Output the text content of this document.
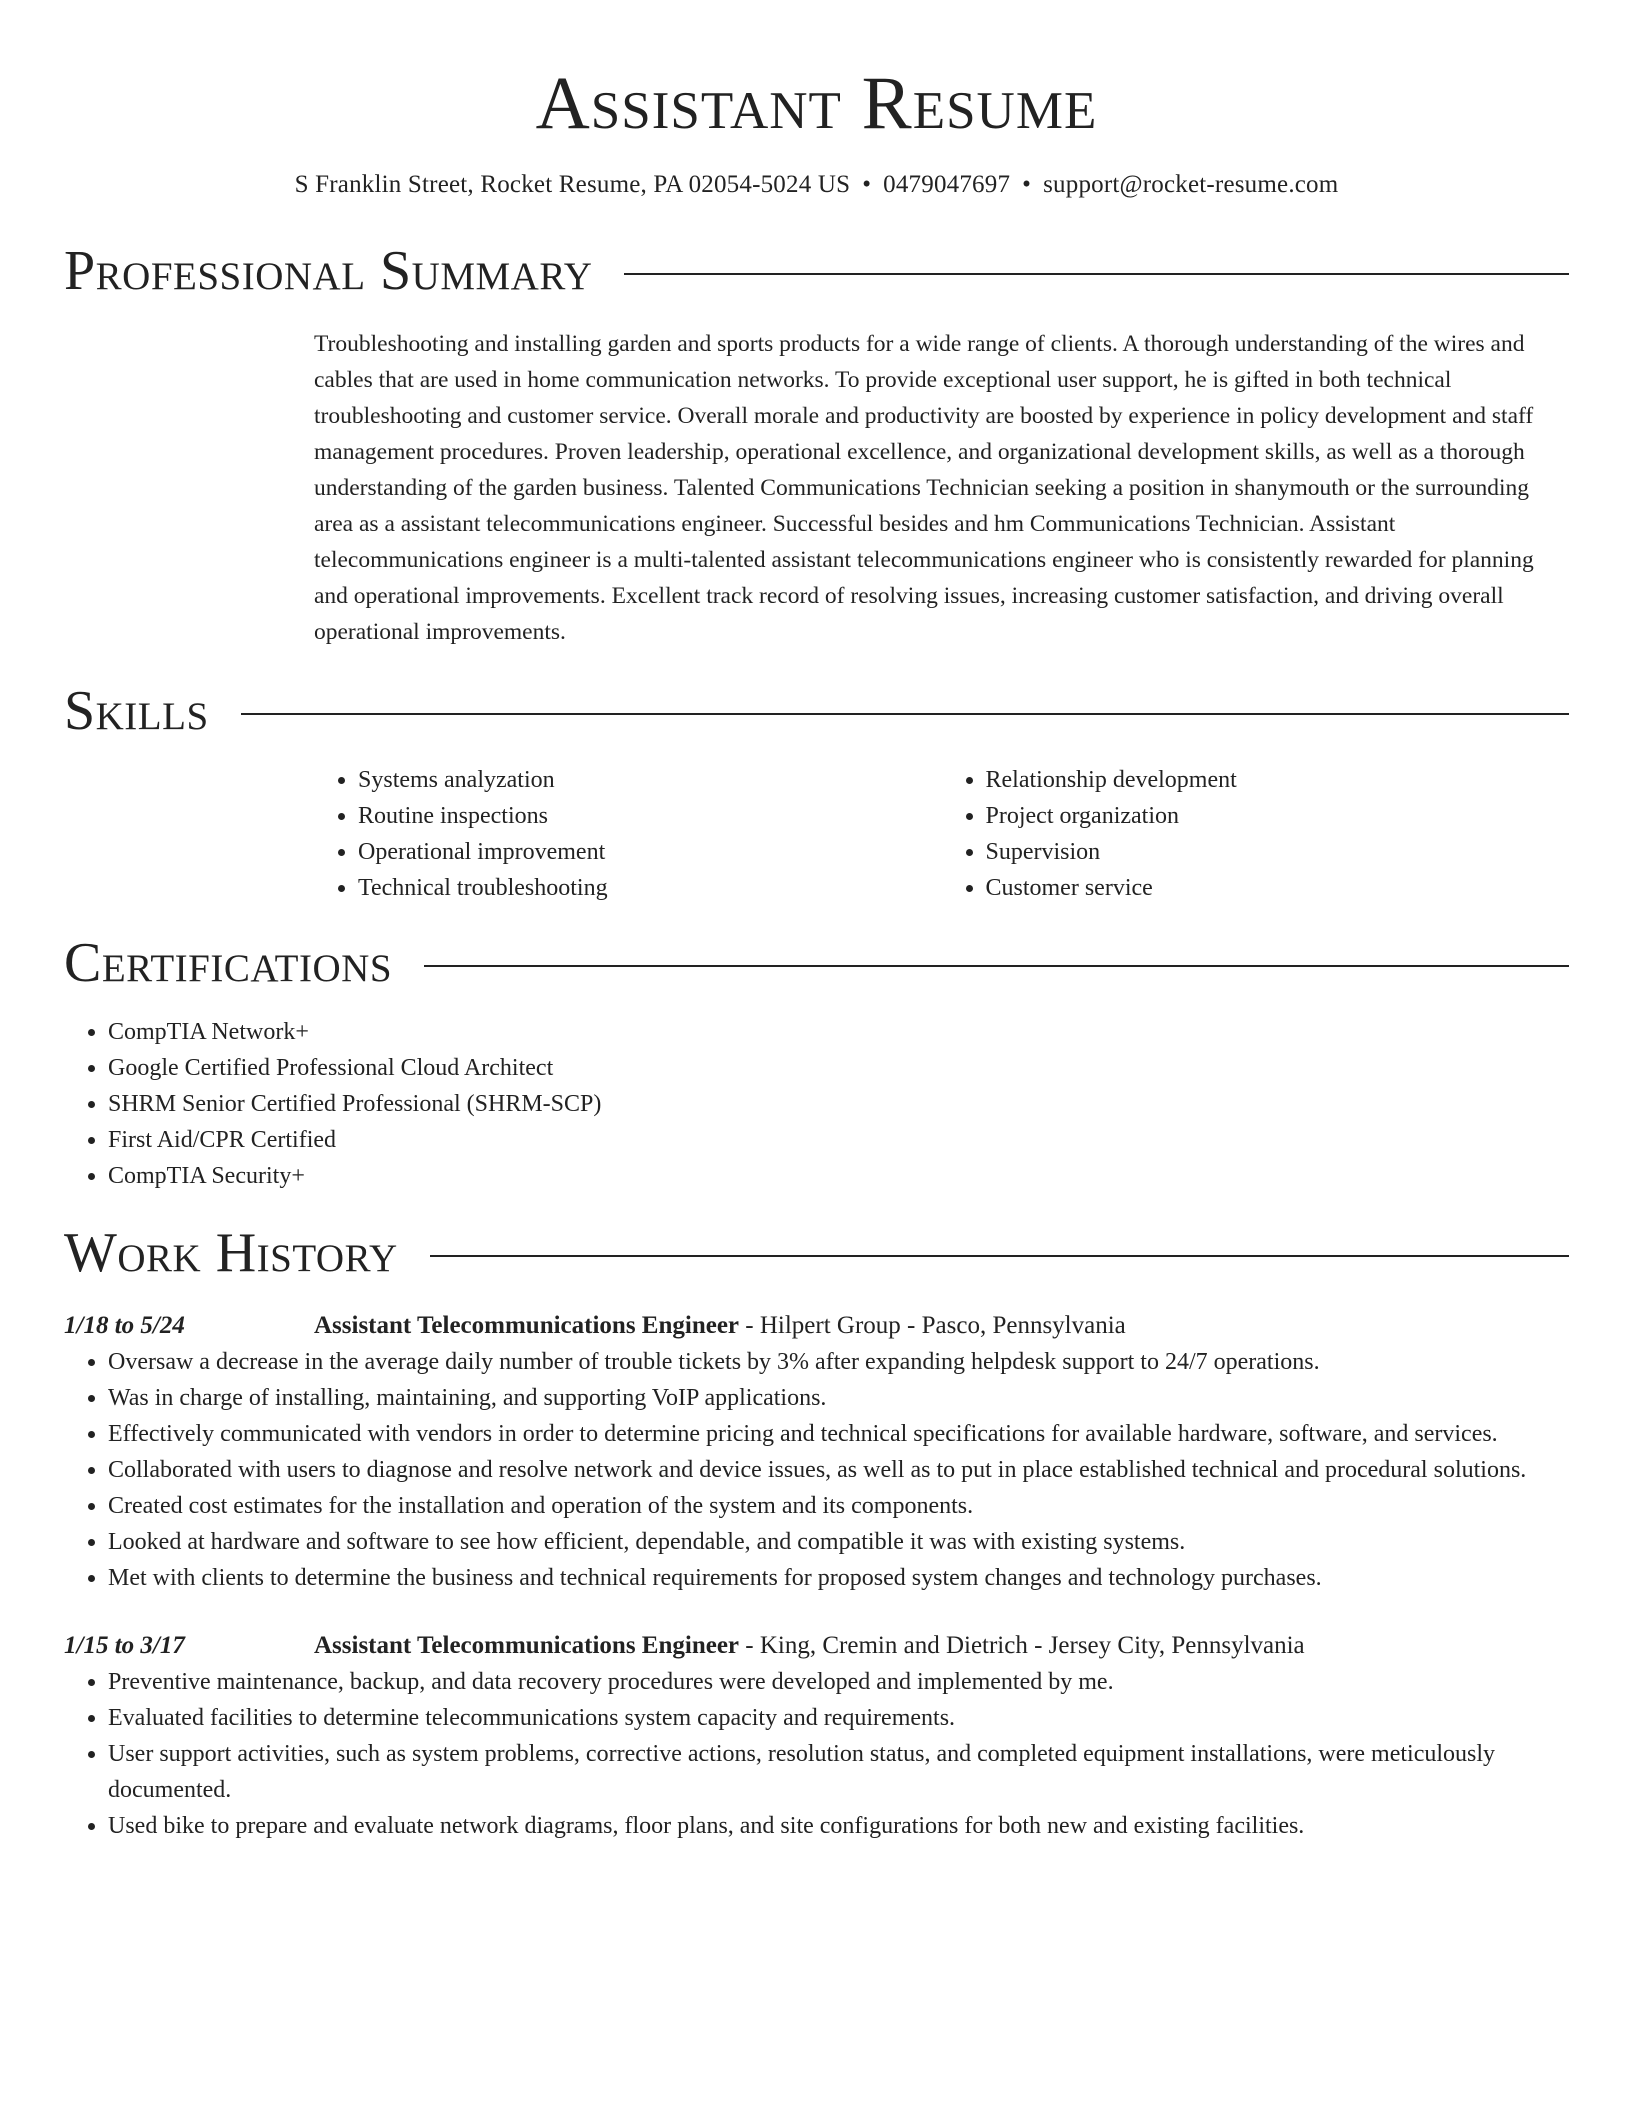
Assistant Resume
S Franklin Street, Rocket Resume, PA 02054-5024 US • 0479047697 • support@rocket-resume.com
Professional Summary

Troubleshooting and installing garden and sports products for a wide range of clients. A thorough understanding of the wires and cables that are used in home communication networks. To provide exceptional user support, he is gifted in both technical troubleshooting and customer service. Overall morale and productivity are boosted by experience in policy development and staff management procedures. Proven leadership, operational excellence, and organizational development skills, as well as a thorough understanding of the garden business. Talented Communications Technician seeking a position in shanymouth or the surrounding area as a assistant telecommunications engineer. Successful besides and hm Communications Technician. Assistant telecommunications engineer is a multi-talented assistant telecommunications engineer who is consistently rewarded for planning and operational improvements. Excellent track record of resolving issues, increasing customer satisfaction, and driving overall operational improvements.

Skills
• Systems analyzation
• Routine inspections
• Operational improvement
• Technical troubleshooting
• Relationship development
• Project organization
• Supervision
• Customer service
Certifications
• CompTIA Network+
• Google Certified Professional Cloud Architect
• SHRM Senior Certified Professional (SHRM-SCP)
• First Aid/CPR Certified
• CompTIA Security+
Work History
1/18 to 5/24	Assistant Telecommunications Engineer - Hilpert Group - Pasco, Pennsylvania
• Oversaw a decrease in the average daily number of trouble tickets by 3% after expanding helpdesk support to 24/7 operations.
• Was in charge of installing, maintaining, and supporting VoIP applications.
• Effectively communicated with vendors in order to determine pricing and technical specifications for available hardware, software, and services.
• Collaborated with users to diagnose and resolve network and device issues, as well as to put in place established technical and procedural solutions.
• Created cost estimates for the installation and operation of the system and its components.
• Looked at hardware and software to see how efficient, dependable, and compatible it was with existing systems.
• Met with clients to determine the business and technical requirements for proposed system changes and technology purchases.
1/15 to 3/17	Assistant Telecommunications Engineer - King, Cremin and Dietrich - Jersey City, Pennsylvania
• Preventive maintenance, backup, and data recovery procedures were developed and implemented by me.
• Evaluated facilities to determine telecommunications system capacity and requirements.
• User support activities, such as system problems, corrective actions, resolution status, and completed equipment installations, were meticulously documented.
• Used bike to prepare and evaluate network diagrams, floor plans, and site configurations for both new and existing facilities.
